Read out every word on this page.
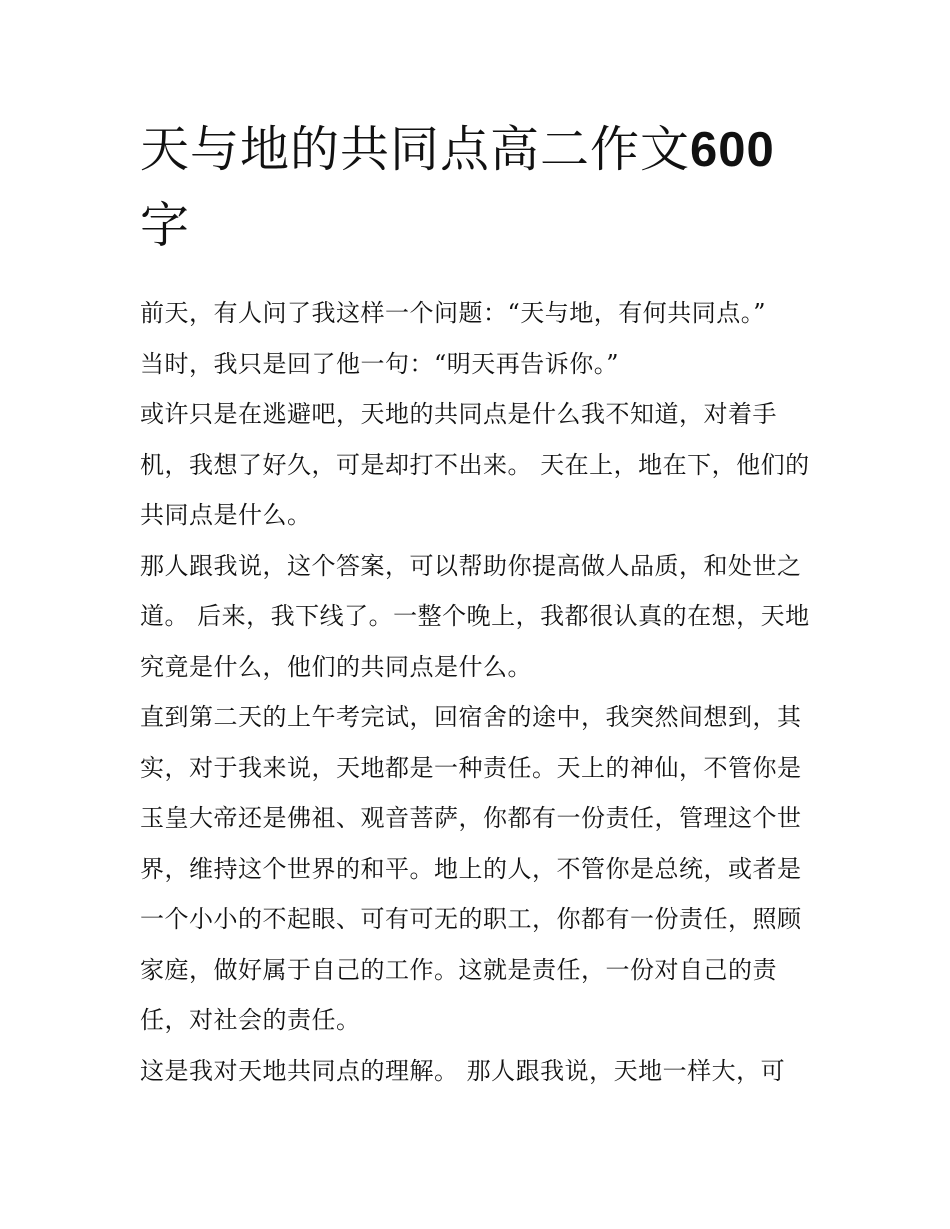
天与地的共同点高二作文600
字

前天，有人问了我这样一个问题：“天与地，有何共同点。”

当时，我只是回了他一句：“明天再告诉你。”

或许只是在逃避吧，天地的共同点是什么我不知道，对着手机，我想了好久，可是却打不出来。 天在上，地在下，他们的共同点是什么。

那人跟我说，这个答案，可以帮助你提高做人品质，和处世之道。 后来，我下线了。一整个晚上，我都很认真的在想，天地究竟是什么，他们的共同点是什么。

直到第二天的上午考完试，回宿舍的途中，我突然间想到，其实，对于我来说，天地都是一种责任。天上的神仙，不管你是玉皇大帝还是佛祖、观音菩萨，你都有一份责任，管理这个世界，维持这个世界的和平。地上的人，不管你是总统，或者是一个小小的不起眼、可有可无的职工，你都有一份责任，照顾家庭，做好属于自己的工作。这就是责任，一份对自己的责任，对社会的责任。

这是我对天地共同点的理解。 那人跟我说，天地一样大，可
